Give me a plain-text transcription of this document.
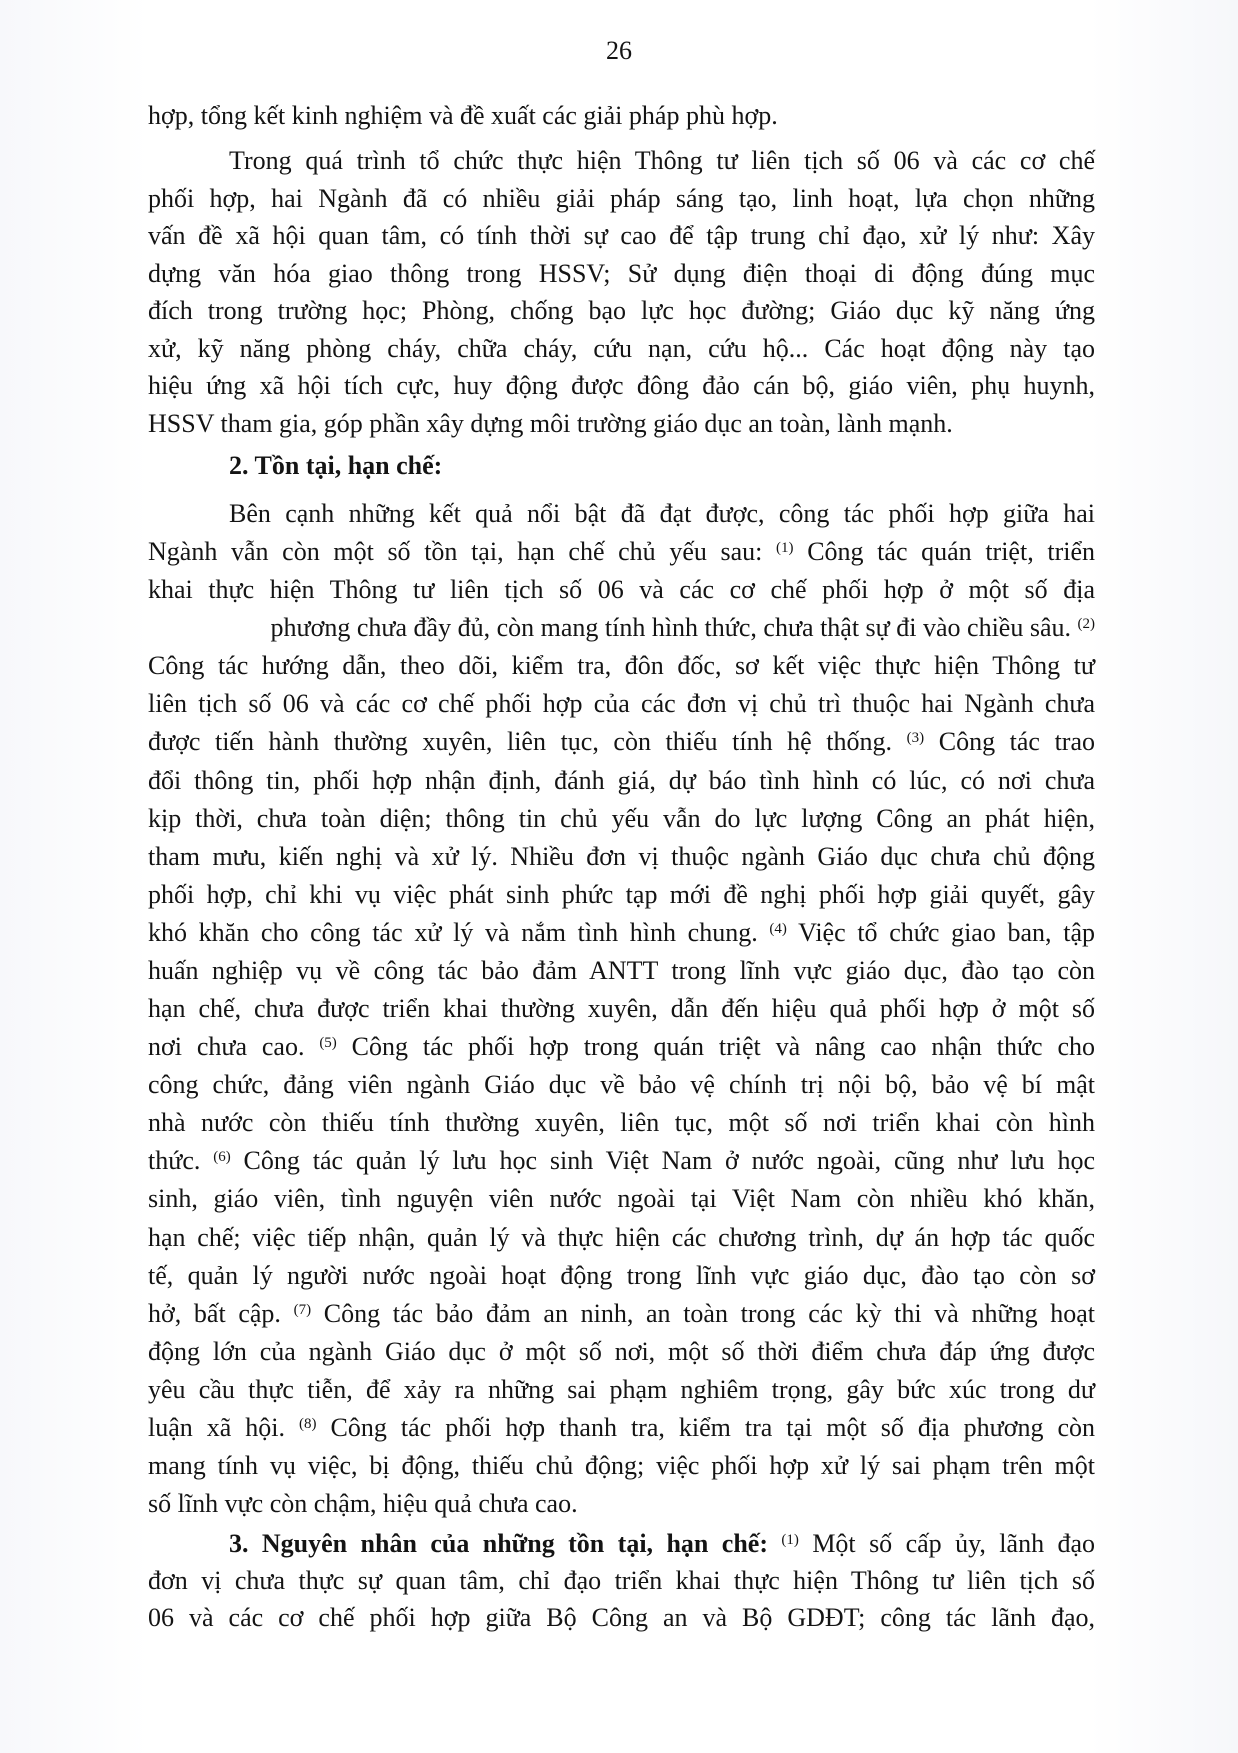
26
hợp, tổng kết kinh nghiệm và đề xuất các giải pháp phù hợp.
Trong quá trình tổ chức thực hiện Thông tư liên tịch số 06 và các cơ chế
phối hợp, hai Ngành đã có nhiều giải pháp sáng tạo, linh hoạt, lựa chọn những
vấn đề xã hội quan tâm, có tính thời sự cao để tập trung chỉ đạo, xử lý như: Xây
dựng văn hóa giao thông trong HSSV; Sử dụng điện thoại di động đúng mục
đích trong trường học; Phòng, chống bạo lực học đường; Giáo dục kỹ năng ứng
xử, kỹ năng phòng cháy, chữa cháy, cứu nạn, cứu hộ... Các hoạt động này tạo
hiệu ứng xã hội tích cực, huy động được đông đảo cán bộ, giáo viên, phụ huynh,
HSSV tham gia, góp phần xây dựng môi trường giáo dục an toàn, lành mạnh.
2. Tồn tại, hạn chế:
Bên cạnh những kết quả nổi bật đã đạt được, công tác phối hợp giữa hai
Ngành vẫn còn một số tồn tại, hạn chế chủ yếu sau: $^{(1)}$ Công tác quán triệt, triển
khai thực hiện Thông tư liên tịch số 06 và các cơ chế phối hợp ở một số địa
phương chưa đầy đủ, còn mang tính hình thức, chưa thật sự đi vào chiều sâu. $^{(2)}$
Công tác hướng dẫn, theo dõi, kiểm tra, đôn đốc, sơ kết việc thực hiện Thông tư
liên tịch số 06 và các cơ chế phối hợp của các đơn vị chủ trì thuộc hai Ngành chưa
được tiến hành thường xuyên, liên tục, còn thiếu tính hệ thống. $^{(3)}$ Công tác trao
đổi thông tin, phối hợp nhận định, đánh giá, dự báo tình hình có lúc, có nơi chưa
kịp thời, chưa toàn diện; thông tin chủ yếu vẫn do lực lượng Công an phát hiện,
tham mưu, kiến nghị và xử lý. Nhiều đơn vị thuộc ngành Giáo dục chưa chủ động
phối hợp, chỉ khi vụ việc phát sinh phức tạp mới đề nghị phối hợp giải quyết, gây
khó khăn cho công tác xử lý và nắm tình hình chung. $^{(4)}$ Việc tổ chức giao ban, tập
huấn nghiệp vụ về công tác bảo đảm ANTT trong lĩnh vực giáo dục, đào tạo còn
hạn chế, chưa được triển khai thường xuyên, dẫn đến hiệu quả phối hợp ở một số
nơi chưa cao. $^{(5)}$ Công tác phối hợp trong quán triệt và nâng cao nhận thức cho
công chức, đảng viên ngành Giáo dục về bảo vệ chính trị nội bộ, bảo vệ bí mật
nhà nước còn thiếu tính thường xuyên, liên tục, một số nơi triển khai còn hình
thức. $^{(6)}$ Công tác quản lý lưu học sinh Việt Nam ở nước ngoài, cũng như lưu học
sinh, giáo viên, tình nguyện viên nước ngoài tại Việt Nam còn nhiều khó khăn,
hạn chế; việc tiếp nhận, quản lý và thực hiện các chương trình, dự án hợp tác quốc
tế, quản lý người nước ngoài hoạt động trong lĩnh vực giáo dục, đào tạo còn sơ
hở, bất cập. $^{(7)}$ Công tác bảo đảm an ninh, an toàn trong các kỳ thi và những hoạt
động lớn của ngành Giáo dục ở một số nơi, một số thời điểm chưa đáp ứng được
yêu cầu thực tiễn, để xảy ra những sai phạm nghiêm trọng, gây bức xúc trong dư
luận xã hội. $^{(8)}$ Công tác phối hợp thanh tra, kiểm tra tại một số địa phương còn
mang tính vụ việc, bị động, thiếu chủ động; việc phối hợp xử lý sai phạm trên một
số lĩnh vực còn chậm, hiệu quả chưa cao.
3. Nguyên nhân của những tồn tại, hạn chế: $^{(1)}$ Một số cấp ủy, lãnh đạo
đơn vị chưa thực sự quan tâm, chỉ đạo triển khai thực hiện Thông tư liên tịch số
06 và các cơ chế phối hợp giữa Bộ Công an và Bộ GDĐT; công tác lãnh đạo,
